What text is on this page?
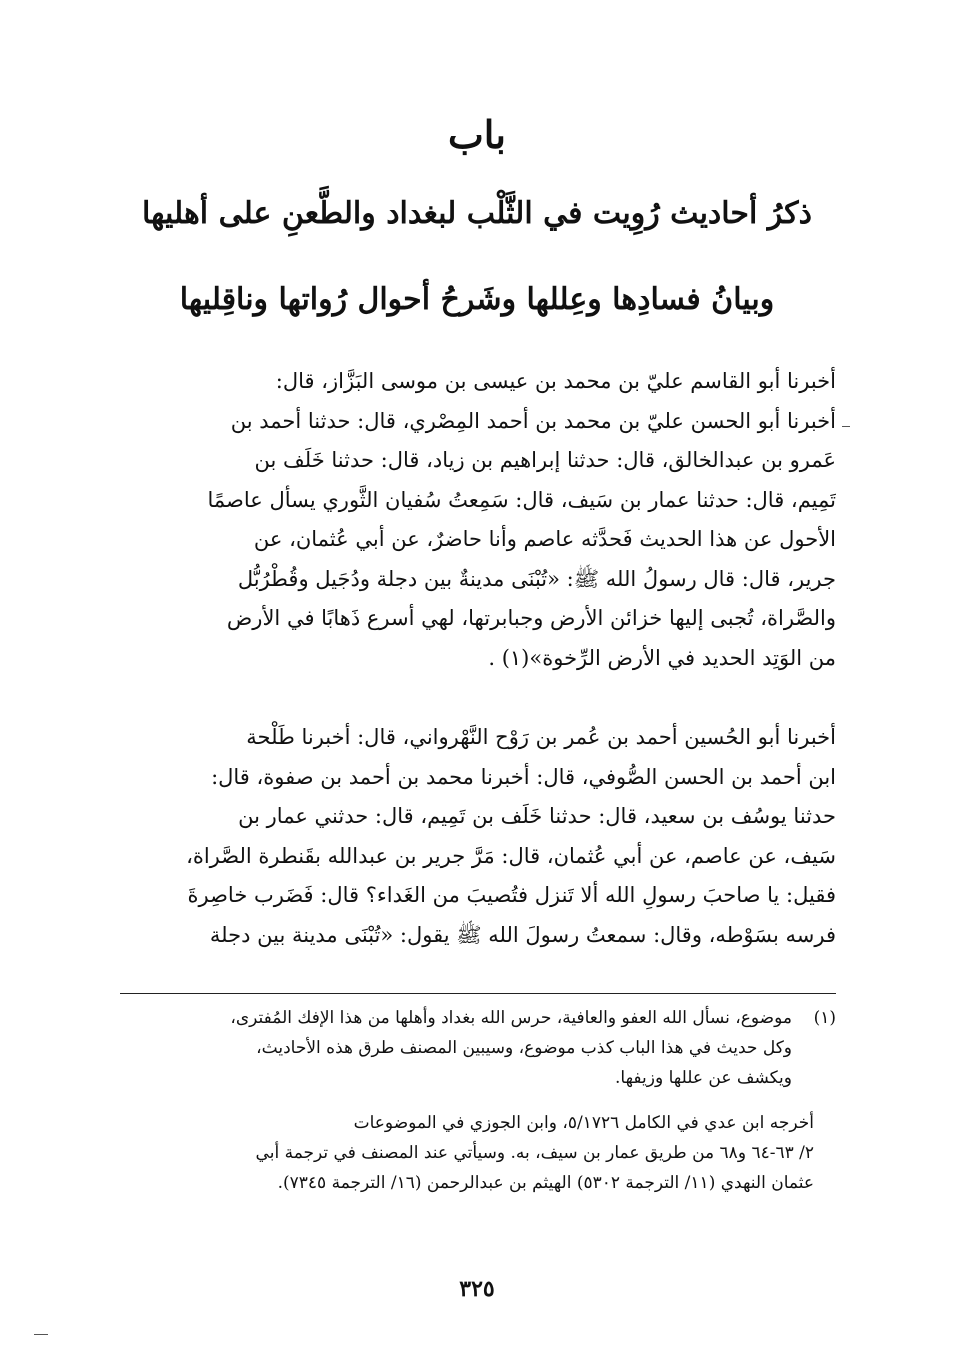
باب
ذكرُ أحاديث رُوِيت في الثَّلْب لبغداد والطَّعنِ على أهليها
وبيانُ فسادِها وعِللها وشَرحُ أحوال رُواتها وناقِليها
أخبرنا أبو القاسم عليّ بن محمد بن عيسى بن موسى البَزَّاز، قال:
أخبرنا أبو الحسن عليّ بن محمد بن أحمد المِصْري، قال: حدثنا أحمد بن
عَمرو بن عبدالخالق، قال: حدثنا إبراهيم بن زياد، قال: حدثنا خَلَف بن
تَمِيم، قال: حدثنا عمار بن سَيف، قال: سَمِعتُ سُفيان الثَّوري يسأل عاصمًا
الأحول عن هذا الحديث فَحدَّثه عاصم وأنا حاضرٌ، عن أبي عُثمان، عن
جرير، قال: قال رسولُ الله ﷺ: «تُبْنَى مدينةٌ بين دجلة ودُجَيل وقُطْرُبُّل
والصَّراة، تُجبى إليها خزائن الأرض وجبابرتها، لهي أسرع ذَهابًا في الأرض
من الوَتِد الحديد في الأرض الرِّخوة»(١) .
أخبرنا أبو الحُسين أحمد بن عُمر بن رَوْح النَّهْرواني، قال: أخبرنا طَلْحة
ابن أحمد بن الحسن الصُّوفي، قال: أخبرنا محمد بن أحمد بن صفوة، قال:
حدثنا يوسُف بن سعيد، قال: حدثنا خَلَف بن تَمِيم، قال: حدثني عمار بن
سَيف، عن عاصم، عن أبي عُثمان، قال: مَرَّ جرير بن عبدالله بقَنطرة الصَّراة،
فقيل: يا صاحبَ رسولِ الله ألا تَنزل فتُصيبَ من الغَداء؟ قال: فَضَرب خاصِرةَ
فرسه بسَوْطه، وقال: سمعتُ رسولَ الله ﷺ يقول: «تُبْنَى مدينة بين دجلة
(١)
موضوع، نسأل الله العفو والعافية، حرس الله بغداد وأهلها من هذا الإفك المُفترى،
وكل حديث في هذا الباب كذب موضوع، وسيبين المصنف طرق هذه الأحاديث،
ويكشف عن عللها وزيفها.
أخرجه ابن عدي في الكامل ٥/١٧٢٦، وابن الجوزي في الموضوعات
٢/ ٦٣-٦٤ و٦٨ من طريق عمار بن سيف، به. وسيأتي عند المصنف في ترجمة أبي
عثمان النهدي (١١/ الترجمة ٥٣٠٢) الهيثم بن عبدالرحمن (١٦/ الترجمة ٧٣٤٥).
٣٢٥
